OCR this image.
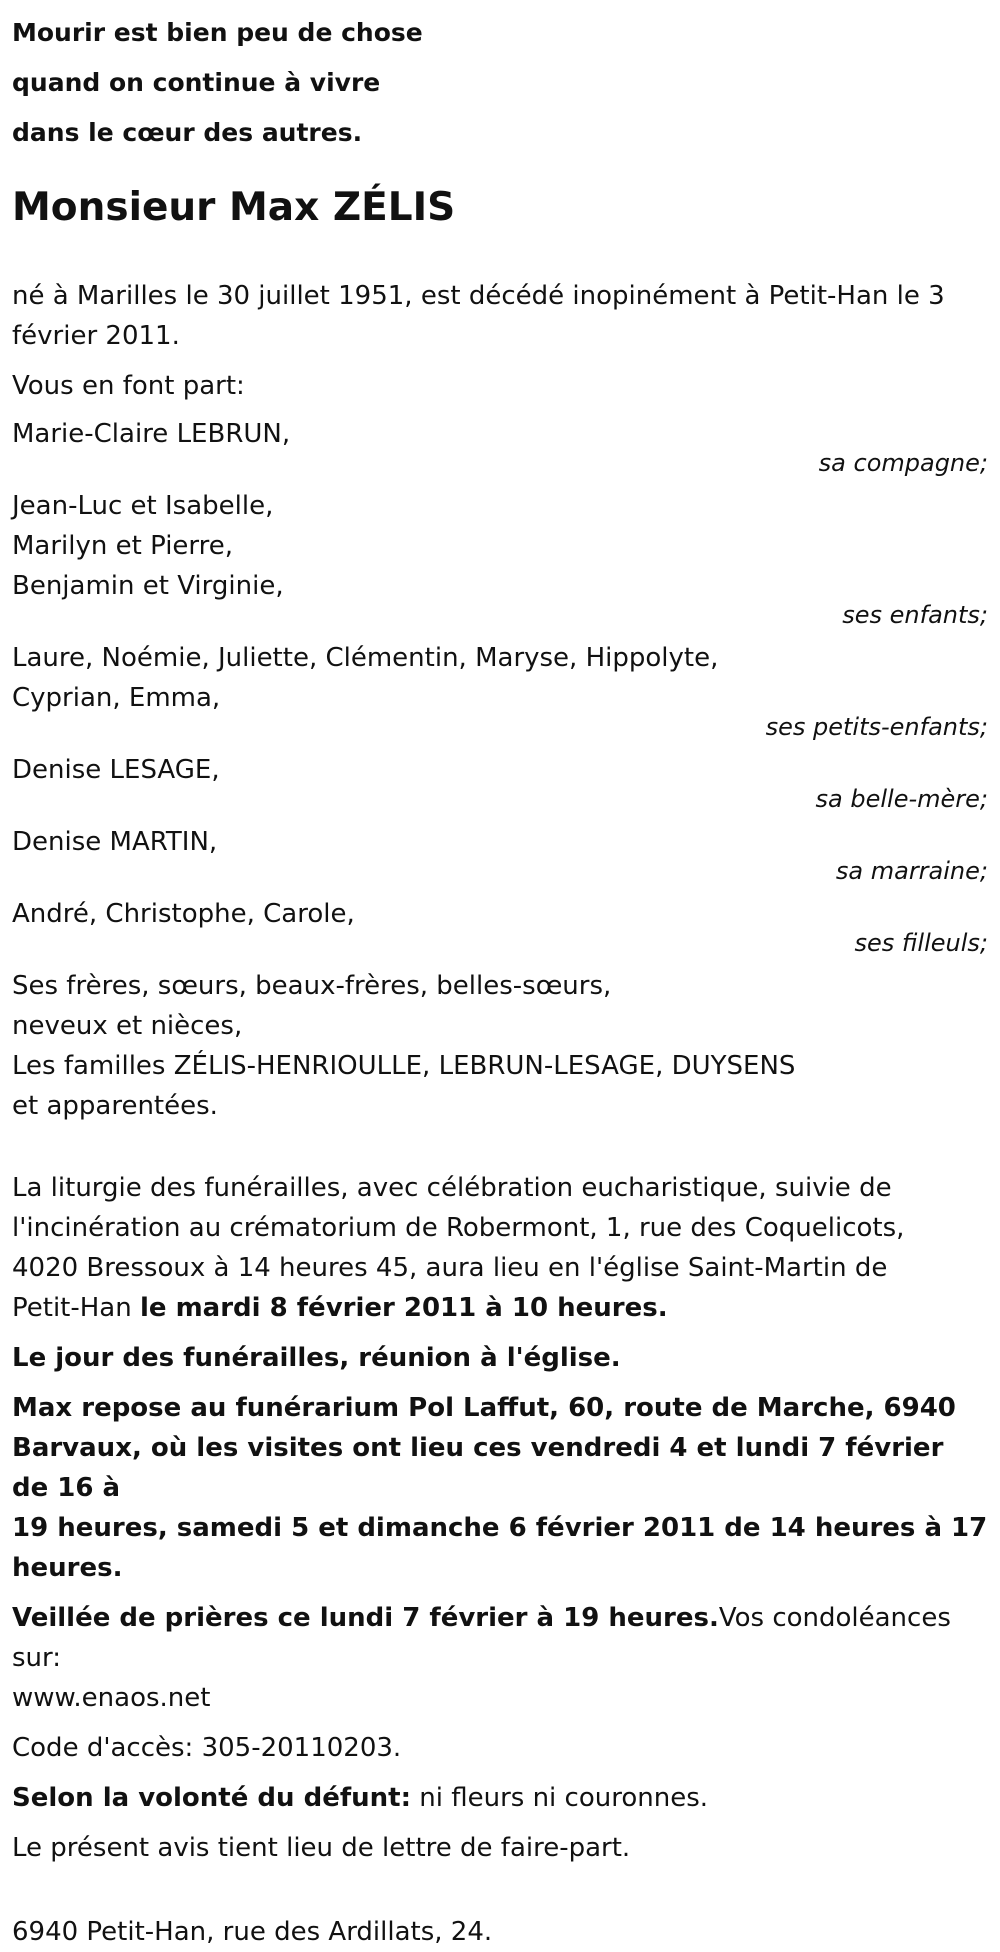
Mourir est bien peu de chose

quand on continue à vivre

dans le cœur des autres.

Monsieur Max ZÉLIS

né à Marilles le 30 juillet 1951, est décédé inopinément à Petit-Han le 3

février 2011.

Vous en font part:

Marie-Claire LEBRUN,

sa compagne;

Jean-Luc et Isabelle,

Marilyn et Pierre,

Benjamin et Virginie,

ses enfants;

Laure, Noémie, Juliette, Clémentin, Maryse, Hippolyte,

Cyprian, Emma,

ses petits-enfants;

Denise LESAGE,

sa belle-mère;

Denise MARTIN,

sa marraine;

André, Christophe, Carole,

ses filleuls;

Ses frères, sœurs, beaux-frères, belles-sœurs,

neveux et nièces,

Les familles ZÉLIS-HENRIOULLE, LEBRUN-LESAGE, DUYSENS

et apparentées.

La liturgie des funérailles, avec célébration eucharistique, suivie de

l'incinération au crématorium de Robermont, 1, rue des Coquelicots,

4020 Bressoux à 14 heures 45, aura lieu en l'église Saint-Martin de

Petit-Han le mardi 8 février 2011 à 10 heures.

Le jour des funérailles, réunion à l'église.

Max repose au funérarium Pol Laffut, 60, route de Marche, 6940

Barvaux, où les visites ont lieu ces vendredi 4 et lundi 7 février de 16 à

19 heures, samedi 5 et dimanche 6 février 2011 de 14 heures à 17

heures.

Veillée de prières ce lundi 7 février à 19 heures.Vos condoléances sur:

www.enaos.net

Code d'accès: 305-20110203.

Selon la volonté du défunt: ni fleurs ni couronnes.

Le présent avis tient lieu de lettre de faire-part.

6940 Petit-Han, rue des Ardillats, 24.
